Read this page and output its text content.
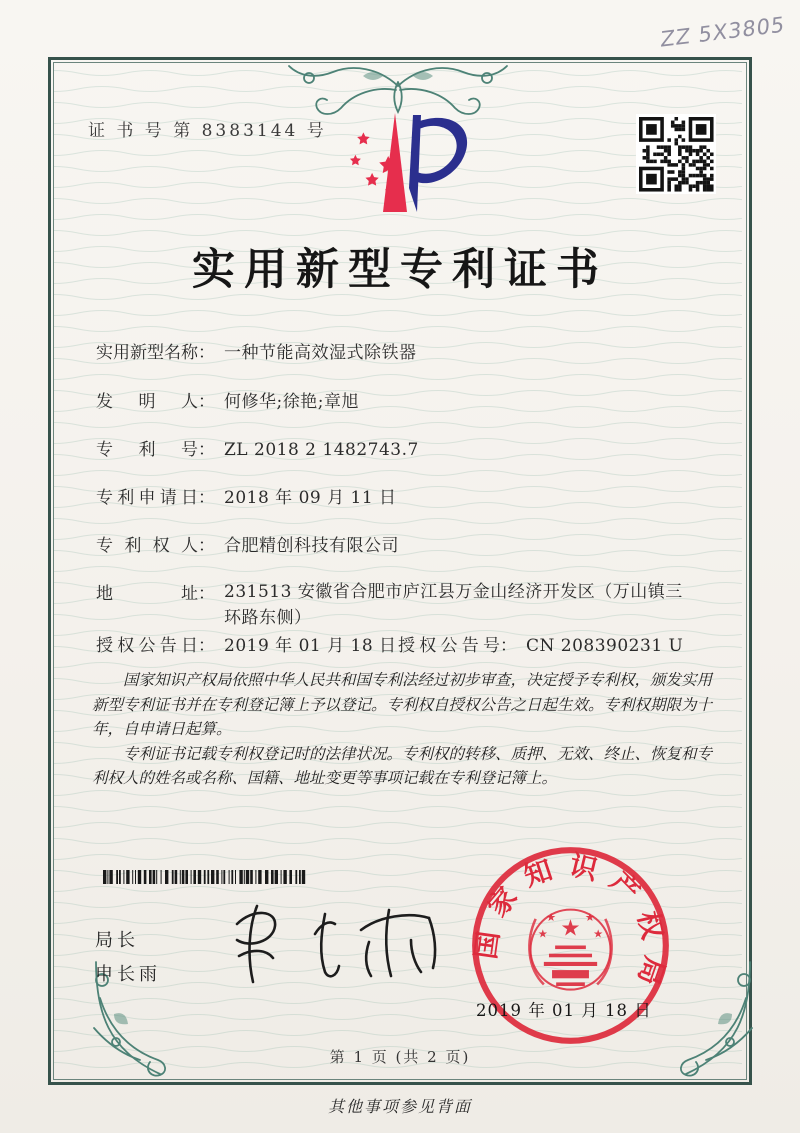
ZZ 5X3805
证 书 号 第 8383144 号
实用新型专利证书
实用新型名称： 一种节能高效湿式除铁器
发明人： 何修华;徐艳;章旭
专利号： ZL 2018 2 1482743.7
专利申请日： 2018 年 09 月 11 日
专利权人： 合肥精创科技有限公司
地址： 231513 安徽省合肥市庐江县万金山经济开发区（万山镇三环路东侧）
授权公告日： 2019 年 01 月 18 日 授权公告号： CN 208390231 U

国家知识产权局依照中华人民共和国专利法经过初步审查，决定授予专利权，颁发实用新型专利证书并在专利登记簿上予以登记。专利权自授权公告之日起生效。专利权期限为十年，自申请日起算。

专利证书记载专利权登记时的法律状况。专利权的转移、质押、无效、终止、恢复和专利权人的姓名或名称、国籍、地址变更等事项记载在专利登记簿上。

局长
申长雨
国家知识产权局
★
★	★
★	★
2019 年 01 月 18 日
第 1 页 (共 2 页)
其他事项参见背面
